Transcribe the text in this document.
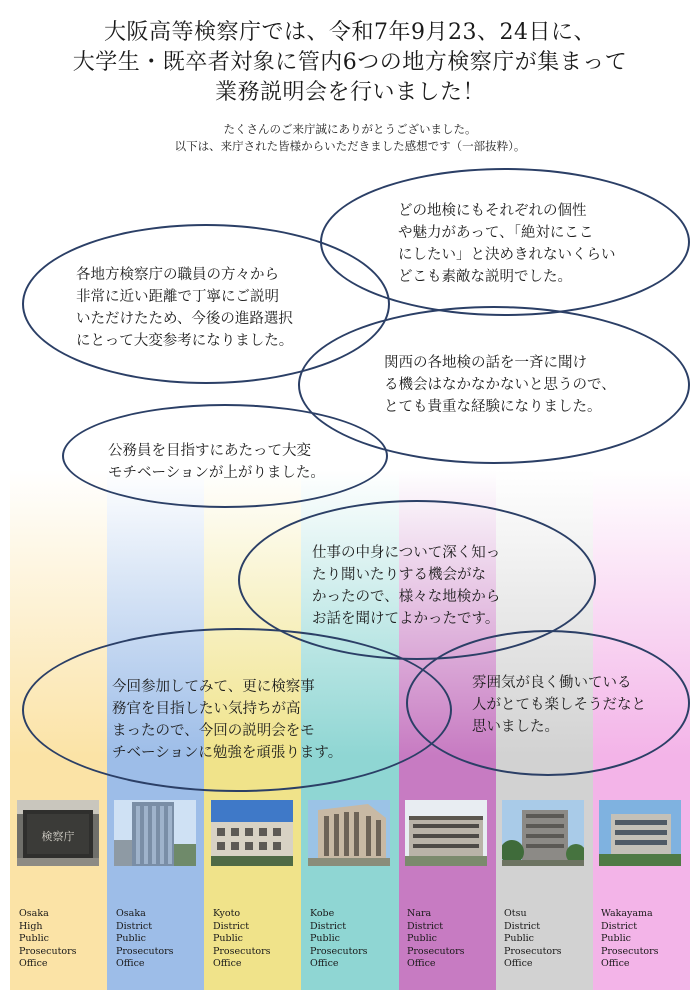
大阪高等検察庁では、令和7年9月23、24日に、
大学生・既卒者対象に管内6つの地方検察庁が集まって
業務説明会を行いました！
たくさんのご来庁誠にありがとうございました。
以下は、来庁された皆様からいただきました感想です（一部抜粋）。
どの地検にもそれぞれの個性
や魅力があって、「絶対にここ
にしたい」と決めきれないくらい
どこも素敵な説明でした。
各地方検察庁の職員の方々から
非常に近い距離で丁寧にご説明
いただけたため、今後の進路選択
にとって大変参考になりました。
関西の各地検の話を一斉に聞け
る機会はなかなかないと思うので、
とても貴重な経験になりました。
公務員を目指すにあたって大変
モチベーションが上がりました。
仕事の中身について深く知っ
たり聞いたりする機会がな
かったので、様々な地検から
お話を聞けてよかったです。
今回参加してみて、更に検察事
務官を目指したい気持ちが高
まったので、今回の説明会をモ
チベーションに勉強を頑張ります。
雰囲気が良く働いている
人がとても楽しそうだなと
思いました。
検察庁
Osaka
High
Public
Prosecutors
Office
Osaka
District
Public
Prosecutors
Office
Kyoto
District
Public
Prosecutors
Office
Kobe
District
Public
Prosecutors
Office
Nara
District
Public
Prosecutors
Office
Otsu
District
Public
Prosecutors
Office
Wakayama
District
Public
Prosecutors
Office
